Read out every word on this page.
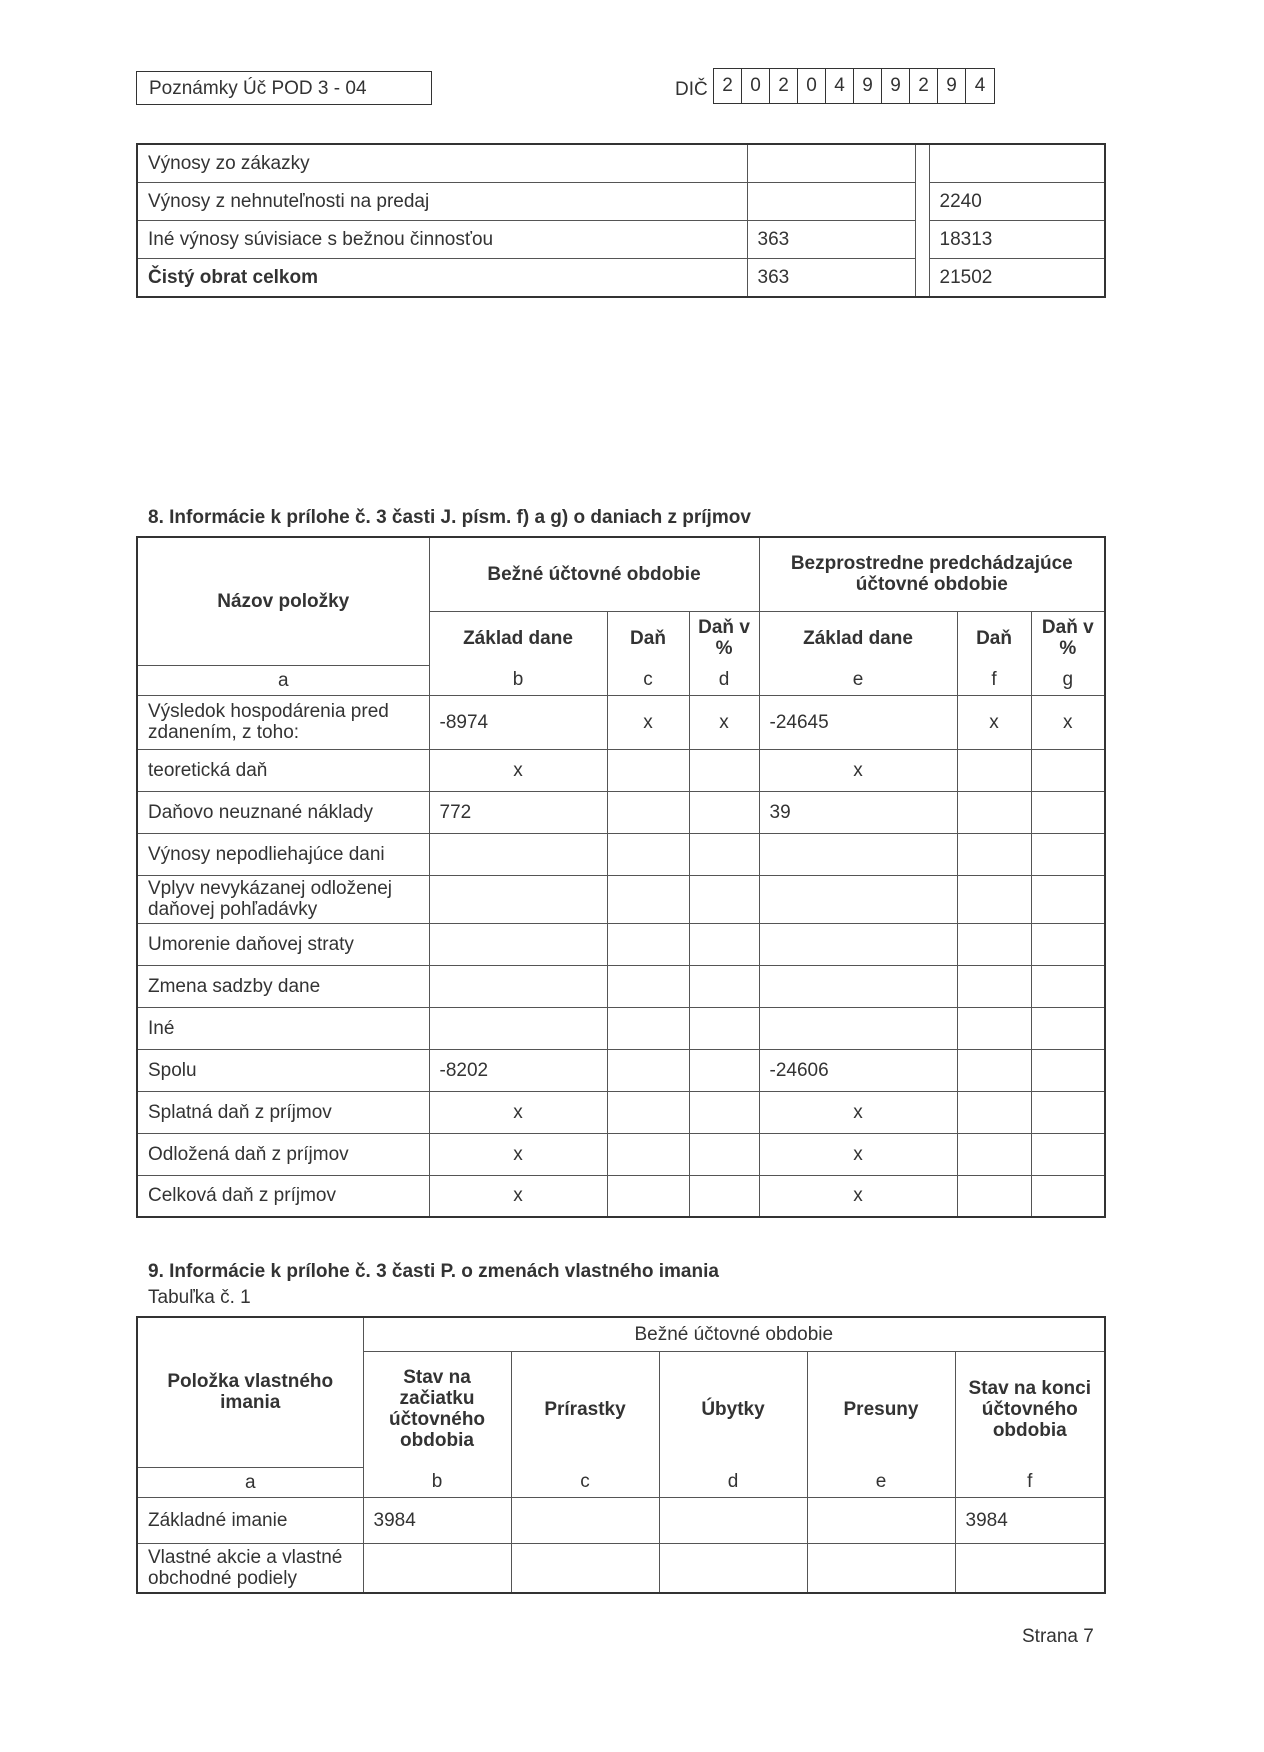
Poznámky Úč POD 3 - 04	DIČ 2 0 2 0 4 9 9 2 9 4
Výnosy zo zákazky			
Výnosy z nehnuteľnosti na predaj			2240
Iné výnosy súvisiace s bežnou činnosťou	363		18313
Čistý obrat celkom	363		21502
8. Informácie k prílohe č. 3 časti J. písm. f) a g) o daniach z príjmov
Názov položky	Bežné účtovné obdobie			Bezprostredne predchádzajúce účtovné obdobie		
	Základ dane	Daň	Daň v %	Základ dane	Daň	Daň v %
a	b	c	d	e	f	g
Výsledok hospodárenia pred zdanením, z toho:	-8974	x	x	-24645	x	x
teoretická daň	x			x		
Daňovo neuznané náklady	772			39		
Výnosy nepodliehajúce dani						
Vplyv nevykázanej odloženej daňovej pohľadávky						
Umorenie daňovej straty						
Zmena sadzby dane						
Iné						
Spolu	-8202			-24606		
Splatná daň z príjmov	x			x		
Odložená daň z príjmov	x			x		
Celková daň z príjmov	x			x		
9. Informácie k prílohe č. 3 časti P. o zmenách vlastného imania
Tabuľka č. 1
Položka vlastného imania	Bežné účtovné obdobie				
	Stav na začiatku účtovného obdobia	Prírastky	Úbytky	Presuny	Stav na konci účtovného obdobia
a	b	c	d	e	f
Základné imanie	3984				3984
Vlastné akcie a vlastné obchodné podiely					
Strana 7
